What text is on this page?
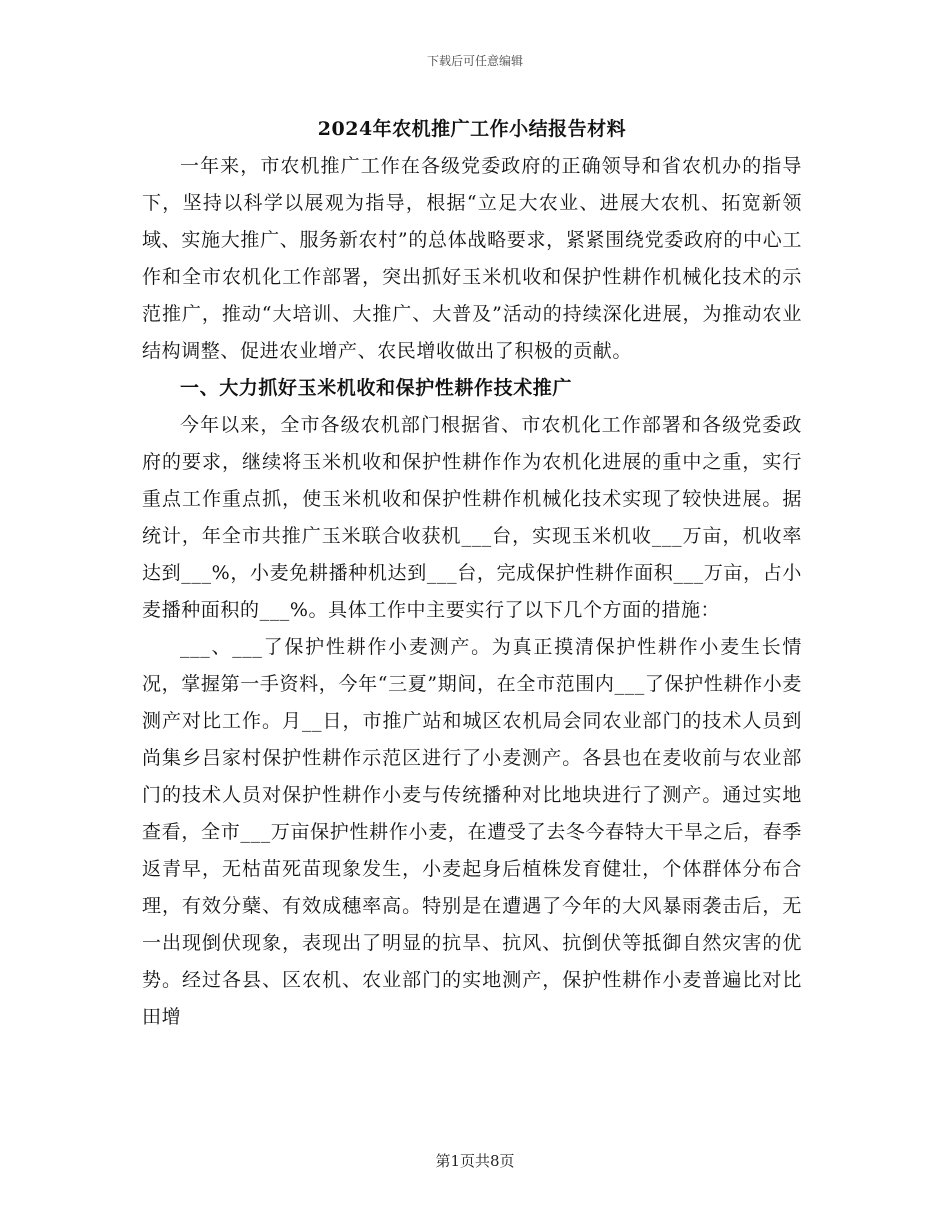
下载后可任意编辑
2024年农机推广工作小结报告材料

一年来，市农机推广工作在各级党委政府的正确领导和省农机办的指导下，坚持以科学以展观为指导，根据“立足大农业、进展大农机、拓宽新领域、实施大推广、服务新农村”的总体战略要求，紧紧围绕党委政府的中心工作和全市农机化工作部署，突出抓好玉米机收和保护性耕作机械化技术的示范推广，推动“大培训、大推广、大普及”活动的持续深化进展，为推动农业结构调整、促进农业增产、农民增收做出了积极的贡献。

一、大力抓好玉米机收和保护性耕作技术推广

今年以来，全市各级农机部门根据省、市农机化工作部署和各级党委政府的要求，继续将玉米机收和保护性耕作作为农机化进展的重中之重，实行重点工作重点抓，使玉米机收和保护性耕作机械化技术实现了较快进展。据统计，年全市共推广玉米联合收获机___台，实现玉米机收___万亩，机收率达到___%，小麦免耕播种机达到___台，完成保护性耕作面积___万亩，占小麦播种面积的___%。具体工作中主要实行了以下几个方面的措施：

___、___了保护性耕作小麦测产。为真正摸清保护性耕作小麦生长情况，掌握第一手资料，今年“三夏”期间，在全市范围内___了保护性耕作小麦测产对比工作。月__日，市推广站和城区农机局会同农业部门的技术人员到尚集乡吕家村保护性耕作示范区进行了小麦测产。各县也在麦收前与农业部门的技术人员对保护性耕作小麦与传统播种对比地块进行了测产。通过实地查看，全市___万亩保护性耕作小麦，在遭受了去冬今春特大干旱之后，春季返青早，无枯苗死苗现象发生，小麦起身后植株发育健壮，个体群体分布合理，有效分蘖、有效成穗率高。特别是在遭遇了今年的大风暴雨袭击后，无一出现倒伏现象，表现出了明显的抗旱、抗风、抗倒伏等抵御自然灾害的优势。经过各县、区农机、农业部门的实地测产，保护性耕作小麦普遍比对比田增

第1页共8页
